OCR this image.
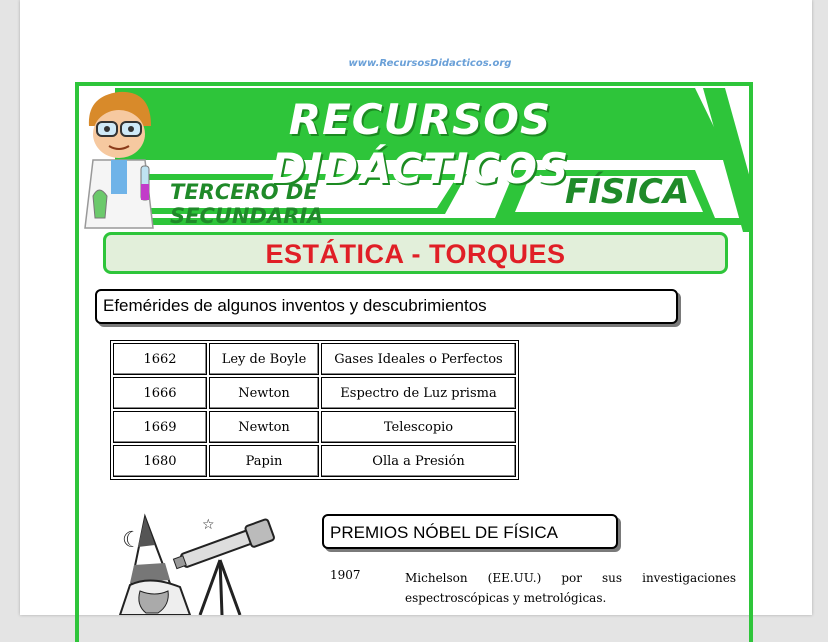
www.RecursosDidacticos.org
RECURSOS DIDÁCTICOS
TERCERO DE SECUNDARIA
FÍSICA
ESTÁTICA - TORQUES
Efemérides de algunos inventos y descubrimientos
1662	Ley de Boyle	Gases Ideales o Perfectos
1666	Newton	Espectro de Luz prisma
1669	Newton	Telescopio
1680	Papin	Olla a Presión
☾
☆	PREMIOS NÓBEL DE FÍSICA
1907	Michelson (EE.UU.) por sus investigaciones espectroscópicas y metrológicas.
